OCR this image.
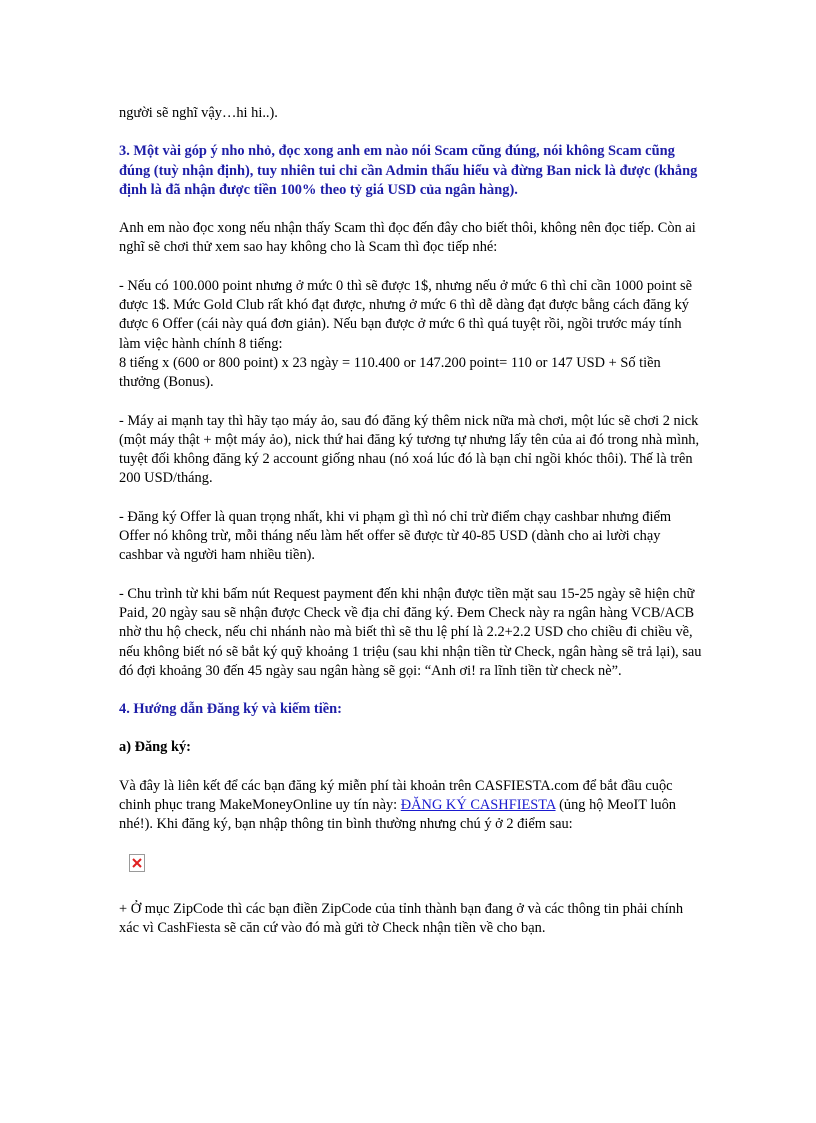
người sẽ nghĩ vậy…hi hi..).

3. Một vài góp ý nho nhỏ, đọc xong anh em nào nói Scam cũng đúng, nói không Scam cũng đúng (tuỳ nhận định), tuy nhiên tui chỉ cần Admin thấu hiểu và đừng Ban nick là được (khẳng định là đã nhận được tiền 100% theo tỷ giá USD của ngân hàng).

Anh em nào đọc xong nếu nhận thấy Scam thì đọc đến đây cho biết thôi, không nên đọc tiếp. Còn ai nghĩ sẽ chơi thử xem sao hay không cho là Scam thì đọc tiếp nhé:

- Nếu có 100.000 point nhưng ở mức 0 thì sẽ được 1$, nhưng nếu ở mức 6 thì chỉ cần 1000 point sẽ được 1$. Mức Gold Club rất khó đạt được, nhưng ở mức 6 thì dễ dàng đạt được bằng cách đăng ký được 6 Offer (cái này quá đơn giản). Nếu bạn được ở mức 6 thì quá tuyệt rồi, ngồi trước máy tính làm việc hành chính 8 tiếng:

8 tiếng x (600 or 800 point) x 23 ngày = 110.400 or 147.200 point= 110 or 147 USD + Số tiền thưởng (Bonus).

- Máy ai mạnh tay thì hãy tạo máy ảo, sau đó đăng ký thêm nick nữa mà chơi, một lúc sẽ chơi 2 nick (một máy thật + một máy ảo), nick thứ hai đăng ký tương tự nhưng lấy tên của ai đó trong nhà mình, tuyệt đối không đăng ký 2 account giống nhau (nó xoá lúc đó là bạn chỉ ngồi khóc thôi). Thế là trên 200 USD/tháng.

- Đăng ký Offer là quan trọng nhất, khi vi phạm gì thì nó chỉ trừ điểm chạy cashbar nhưng điểm Offer nó không trừ, mỗi tháng nếu làm hết offer sẽ được từ 40-85 USD (dành cho ai lười chạy cashbar và người ham nhiều tiền).

- Chu trình từ khi bấm nút Request payment đến khi nhận được tiền mặt sau 15-25 ngày sẽ hiện chữ Paid, 20 ngày sau sẽ nhận được Check về địa chỉ đăng ký. Đem Check này ra ngân hàng VCB/ACB nhờ thu hộ check, nếu chi nhánh nào mà biết thì sẽ thu lệ phí là 2.2+2.2 USD cho chiều đi chiều về, nếu không biết nó sẽ bắt ký quỹ khoảng 1 triệu (sau khi nhận tiền từ Check, ngân hàng sẽ trả lại), sau đó đợi khoảng 30 đến 45 ngày sau ngân hàng sẽ gọi: “Anh ơi! ra lĩnh tiền từ check nè”.

4. Hướng dẫn Đăng ký và kiếm tiền:

a) Đăng ký:

Và đây là liên kết để các bạn đăng ký miễn phí tài khoản trên CASFIESTA.com để bắt đầu cuộc chinh phục trang MakeMoneyOnline uy tín này: ĐĂNG KÝ CASHFIESTA (ủng hộ MeoIT luôn nhé!). Khi đăng ký, bạn nhập thông tin bình thường nhưng chú ý ở 2 điểm sau:

+ Ở mục ZipCode thì các bạn điền ZipCode của tỉnh thành bạn đang ở và các thông tin phải chính xác vì CashFiesta sẽ căn cứ vào đó mà gửi tờ Check nhận tiền về cho bạn.
